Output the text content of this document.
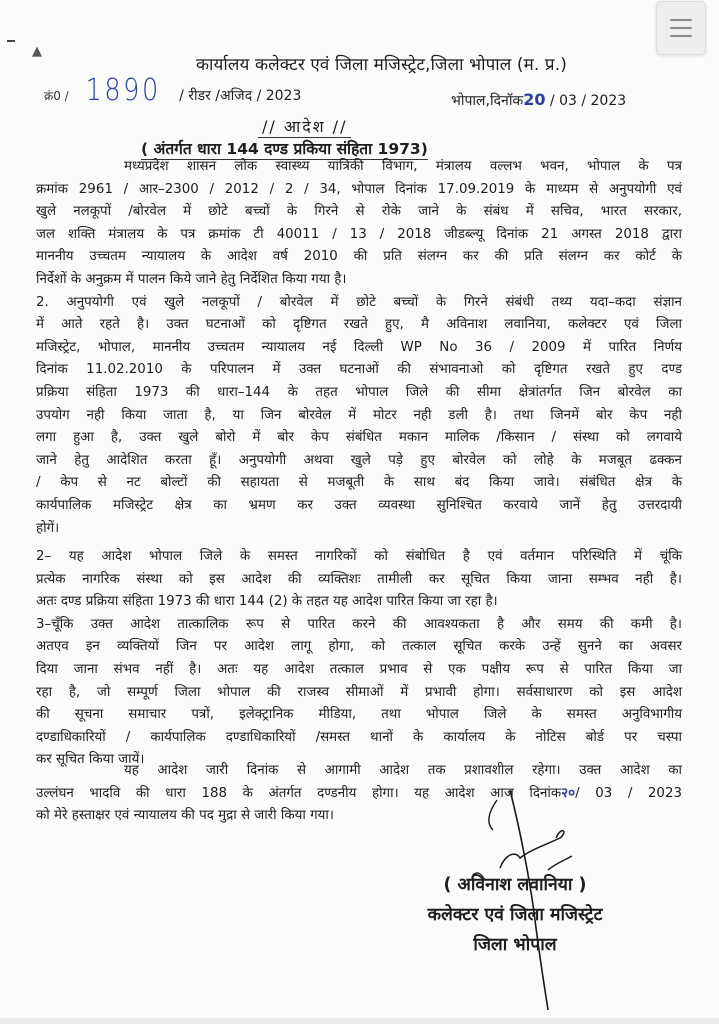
▲
कार्यालय कलेक्टर एवं जिला मजिस्ट्रेट,जिला भोपाल (म. प्र.)
क्रं0 / 1890 / रीडर /अजिद / 2023	भोपाल,दिनॉक20 / 03 / 2023
// आदेश //
( अंतर्गत धारा 144 दण्ड प्रकिया संहिता 1973)

मध्यप्रदेश शासन लोक स्वास्थ्य यांत्रिकी विभाग, मंत्रालय वल्लभ भवन, भोपाल के पत्र

क्रमांक 2961 / आर–2300 / 2012 / 2 / 34, भोपाल दिनांक 17.09.2019 के माध्यम से अनुपयोगी एवं

खुले नलकूपों /बोरवेल में छोटे बच्चों के गिरने से रोके जाने के संबंध में सचिव, भारत सरकार,

जल शक्ति मंत्रालय के पत्र क्रमांक टी 40011 / 13 / 2018 जीडब्ल्यू दिनांक 21 अगस्त 2018 द्वारा

माननीय उच्चतम न्यायालय के आदेश वर्ष 2010 की प्रति संलग्न कर की प्रति संलग्न कर कोर्ट के

निर्देशों के अनुक्रम में पालन किये जाने हेतु निर्देशित किया गया है।

2. अनुपयोगी एवं खुले नलकूपों / बोरवेल में छोटे बच्चों के गिरने संबंधी तथ्य यदा–कदा संज्ञान

में आते रहते है। उक्त घटनाओं को दृष्टिगत रखते हुए, मै अविनाश लवानिया, कलेक्टर एवं जिला

मजिस्ट्रेट, भोपाल, माननीय उच्चतम न्यायालय नई दिल्ली WP No 36 / 2009 में पारित निर्णय

दिनांक 11.02.2010 के परिपालन में उक्त घटनाओं की संभावनाओ को दृष्टिगत रखते हुए दण्ड

प्रक्रिया संहिता 1973 की धारा–144 के तहत भोपाल जिले की सीमा क्षेत्रांतर्गत जिन बोरवेल का

उपयोग नही किया जाता है, या जिन बोरवेल में मोटर नही डली है। तथा जिनमें बोर केप नही

लगा हुआ है, उक्त खुले बोरो में बोर केप संबंधित मकान मालिक /किसान / संस्था को लगवाये

जाने हेतु आदेशित करता हूँ। अनुपयोगी अथवा खुले पड़े हुए बोरवेल को लोहे के मजबूत ढक्कन

/ केप से नट बोल्टों की सहायता से मजबूती के साथ बंद किया जावे। संबंधित क्षेत्र के

कार्यपालिक मजिस्ट्रेट क्षेत्र का भ्रमण कर उक्त व्यवस्था सुनिश्चित करवाये जानें हेतु उत्तरदायी

होगें।

2– यह आदेश भोपाल जिले के समस्त नागरिकों को संबोधित है एवं वर्तमान परिस्थिति में चूंकि

प्रत्येक नागरिक संस्था को इस आदेश की व्यक्तिशः तामीली कर सूचित किया जाना सम्भव नही है।

अतः दण्ड प्रक्रिया संहिता 1973 की धारा 144 (2) के तहत यह आदेश पारित किया जा रहा है।

3–चूँकि उक्त आदेश तात्कालिक रूप से पारित करने की आवश्यकता है और समय की कमी है।

अतएव इन व्यक्तियों जिन पर आदेश लागू होगा, को तत्काल सूचित करके उन्हें सुनने का अवसर

दिया जाना संभव नहीं है। अतः यह आदेश तत्काल प्रभाव से एक पक्षीय रूप से पारित किया जा

रहा है, जो सम्पूर्ण जिला भोपाल की राजस्व सीमाओं में प्रभावी होगा। सर्वसाधारण को इस आदेश

की सूचना समाचार पत्रों, इलेक्ट्रानिक मीडिया, तथा भोपाल जिले के समस्त अनुविभागीय

दण्डाधिकारियों / कार्यपालिक दण्डाधिकारियों /समस्त थानों के कार्यालय के नोटिस बोर्ड पर चस्पा

कर सूचित किया जायें।

यह आदेश जारी दिनांक से आगामी आदेश तक प्रशावशील रहेगा। उक्त आदेश का

उल्लंघन भादवि की धारा 188 के अंतर्गत दण्डनीय होगा। यह आदेश आज दिनांक२०/ 03 / 2023

को मेरे हस्ताक्षर एवं न्यायालय की पद मुद्रा से जारी किया गया।

( अविनाश लवानिया )
कलेक्टर एवं जिला मजिस्ट्रेट
जिला भोपाल
